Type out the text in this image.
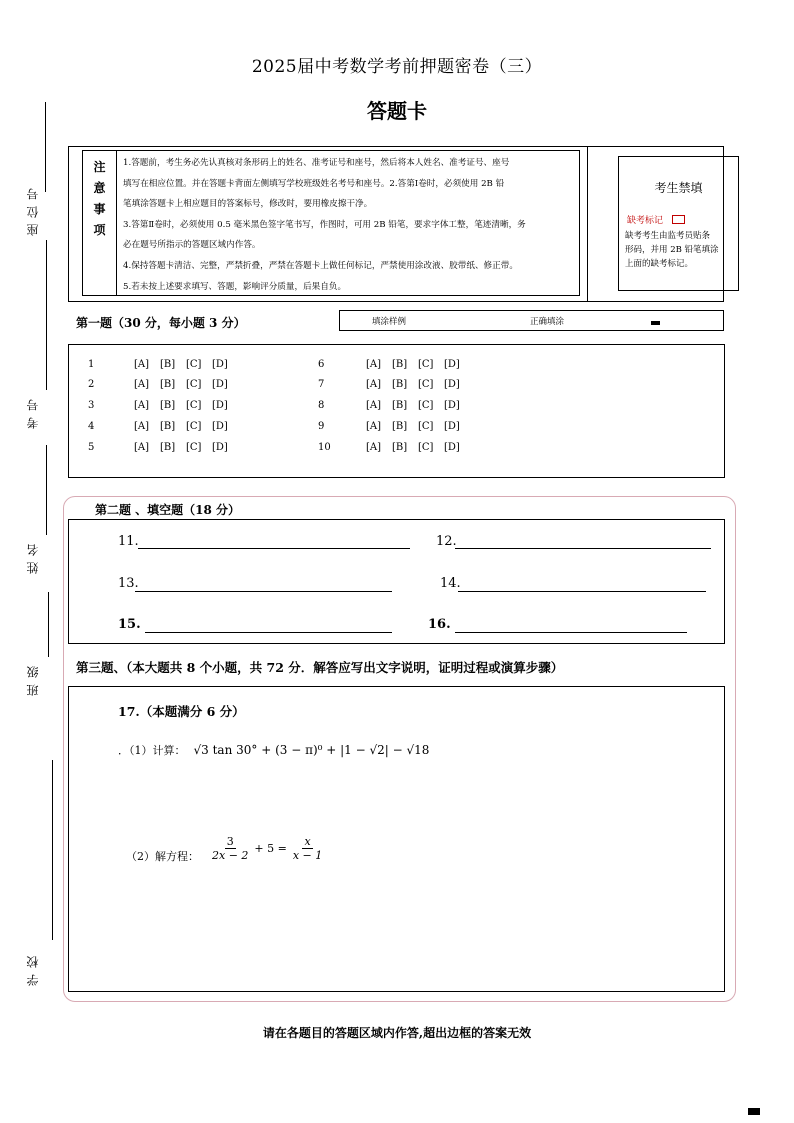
2025届中考数学考前押题密卷（三）
答题卡
座位号
考号
姓名
班级
学校
注
意
事
项
1.答题前，考生务必先认真核对条形码上的姓名、准考证号和座号，然后将本人姓名、准考证号、座号
填写在相应位置。并在答题卡背面左侧填写学校班级姓名考号和座号。2.答第Ⅰ卷时，必须使用 2B 铅
笔填涂答题卡上相应题目的答案标号，修改时，要用橡皮擦干净。
3.答第Ⅱ卷时，必须使用 0.5 毫米黑色签字笔书写，作图时，可用 2B 铅笔，要求字体工整，笔迹清晰，务
必在题号所指示的答题区域内作答。
4.保持答题卡清洁、完整，严禁折叠，严禁在答题卡上做任何标记，严禁使用涂改液、胶带纸、修正带。
5.若未按上述要求填写、答题，影响评分质量，后果自负。
考生禁填
缺考标记
缺考考生由监考员贴条
形码，并用 2B 铅笔填涂
上面的缺考标记。
第一题（30 分，每小题 3 分）	填涂样例	正确填涂
1	[A]	[B]	[C]	[D]
2	[A]	[B]	[C]	[D]
3	[A]	[B]	[C]	[D]
4	[A]	[B]	[C]	[D]
5	[A]	[B]	[C]	[D]
6	[A]	[B]	[C]	[D]
7	[A]	[B]	[C]	[D]
8	[A]	[B]	[C]	[D]
9	[A]	[B]	[C]	[D]
10	[A]	[B]	[C]	[D]
第二题 、填空题（18 分）
11.	12.
13.	14.
15.	16.
第三题、（本大题共 8 个小题，共 72 分．解答应写出文字说明，证明过程或演算步骤）
17.（本题满分 6 分）
．（1）计算： √3 tan 30° + (3 − π)⁰ + |1 − √2| − √18
（2）解方程： $\frac{3}{2x - 2} + 5 = \frac{x}{x - 1}$
请在各题目的答题区域内作答,超出边框的答案无效
